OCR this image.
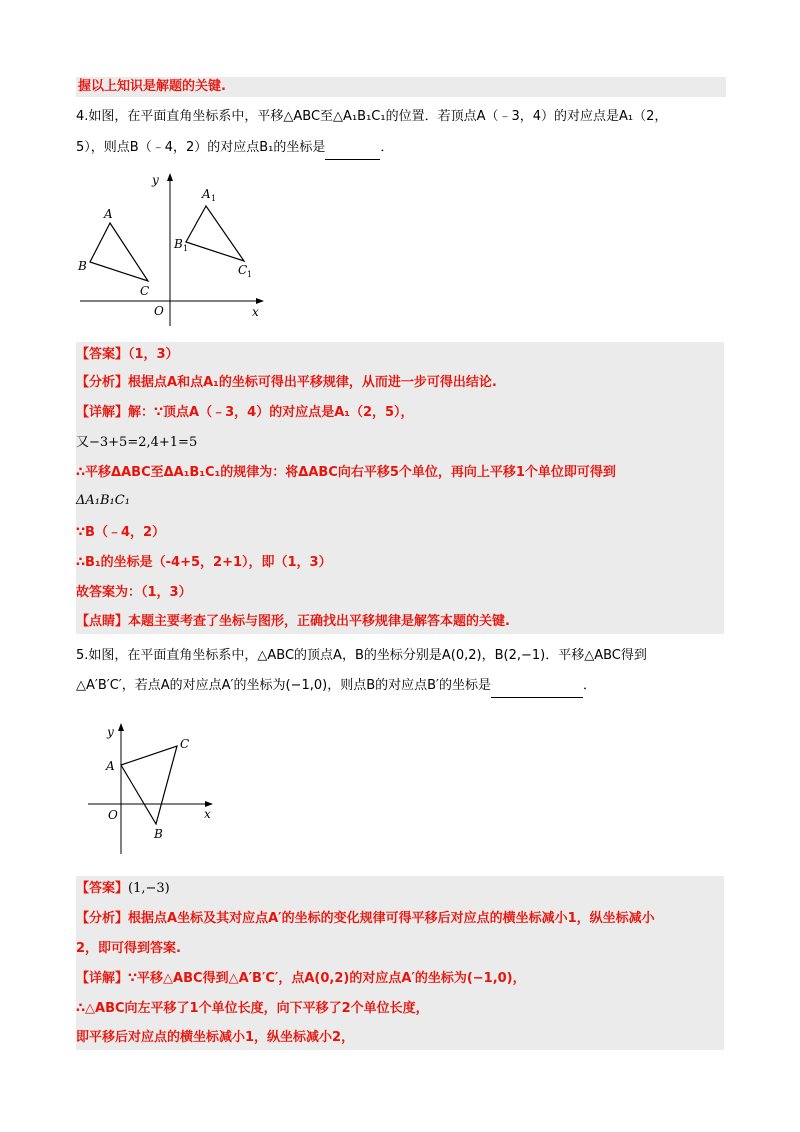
握以上知识是解题的关键.
4.如图，在平面直角坐标系中，平移△ABC至△A₁B₁C₁的位置．若顶点A（﹣3，4）的对应点是A₁（2，
5），则点B（﹣4，2）的对应点B₁的坐标是	．
y
x
O
A
B
C
A 1
B 1
C 1
【答案】（1，3）
【分析】根据点A和点A₁的坐标可得出平移规律，从而进一步可得出结论.
【详解】解：∵顶点A（﹣3，4）的对应点是A₁（2，5），
又−3+5=2,4+1=5
∴平移ΔABC至ΔA₁B₁C₁的规律为：将ΔABC向右平移5个单位，再向上平移1个单位即可得到
ΔA₁B₁C₁
∵B（﹣4，2）
∴B₁的坐标是（-4+5，2+1），即（1，3）
故答案为：（1，3）
【点睛】本题主要考查了坐标与图形，正确找出平移规律是解答本题的关键.
5.如图，在平面直角坐标系中，△ABC的顶点A，B的坐标分别是A(0,2)，B(2,−1)．平移△ABC得到
△A′B′C′，若点A的对应点A′的坐标为(−1,0)，则点B的对应点B′的坐标是	．
y
x
O
A
B
C
【答案】(1,−3)
【分析】根据点A坐标及其对应点A′的坐标的变化规律可得平移后对应点的横坐标减小1，纵坐标减小
2，即可得到答案.
【详解】∵平移△ABC得到△A′B′C′，点A(0,2)的对应点A′的坐标为(−1,0)，
∴△ABC向左平移了1个单位长度，向下平移了2个单位长度，
即平移后对应点的横坐标减小1，纵坐标减小2，
